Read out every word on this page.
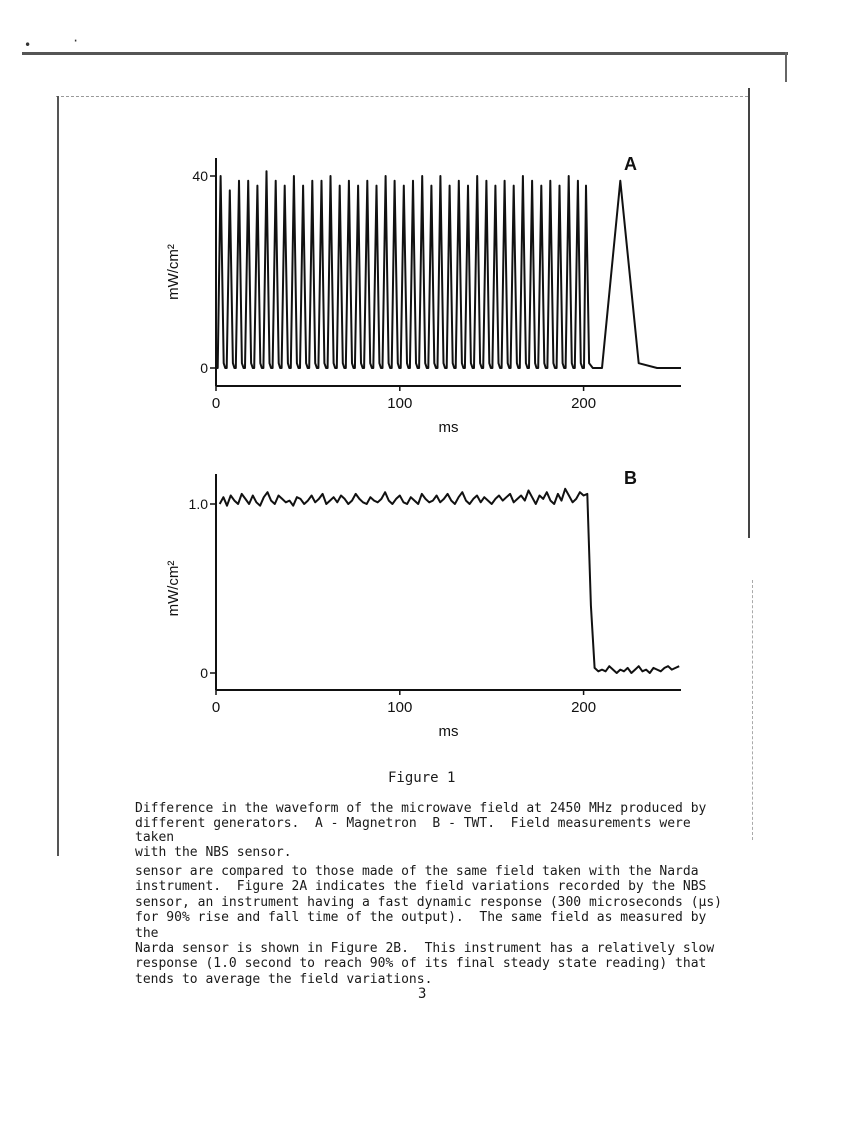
•	·
0
40
0	100	200
ms
mW/cm²
A
0
1.0
0	100	200
ms
mW/cm²
B
Figure 1
Difference in the waveform of the microwave field at 2450 MHz produced by
different generators.  A - Magnetron  B - TWT.  Field measurements were taken
with the NBS sensor.
sensor are compared to those made of the same field taken with the Narda
instrument.  Figure 2A indicates the field variations recorded by the NBS
sensor, an instrument having a fast dynamic response (300 microseconds (µs)
for 90% rise and fall time of the output).  The same field as measured by the
Narda sensor is shown in Figure 2B.  This instrument has a relatively slow
response (1.0 second to reach 90% of its final steady state reading) that
tends to average the field variations.
3
